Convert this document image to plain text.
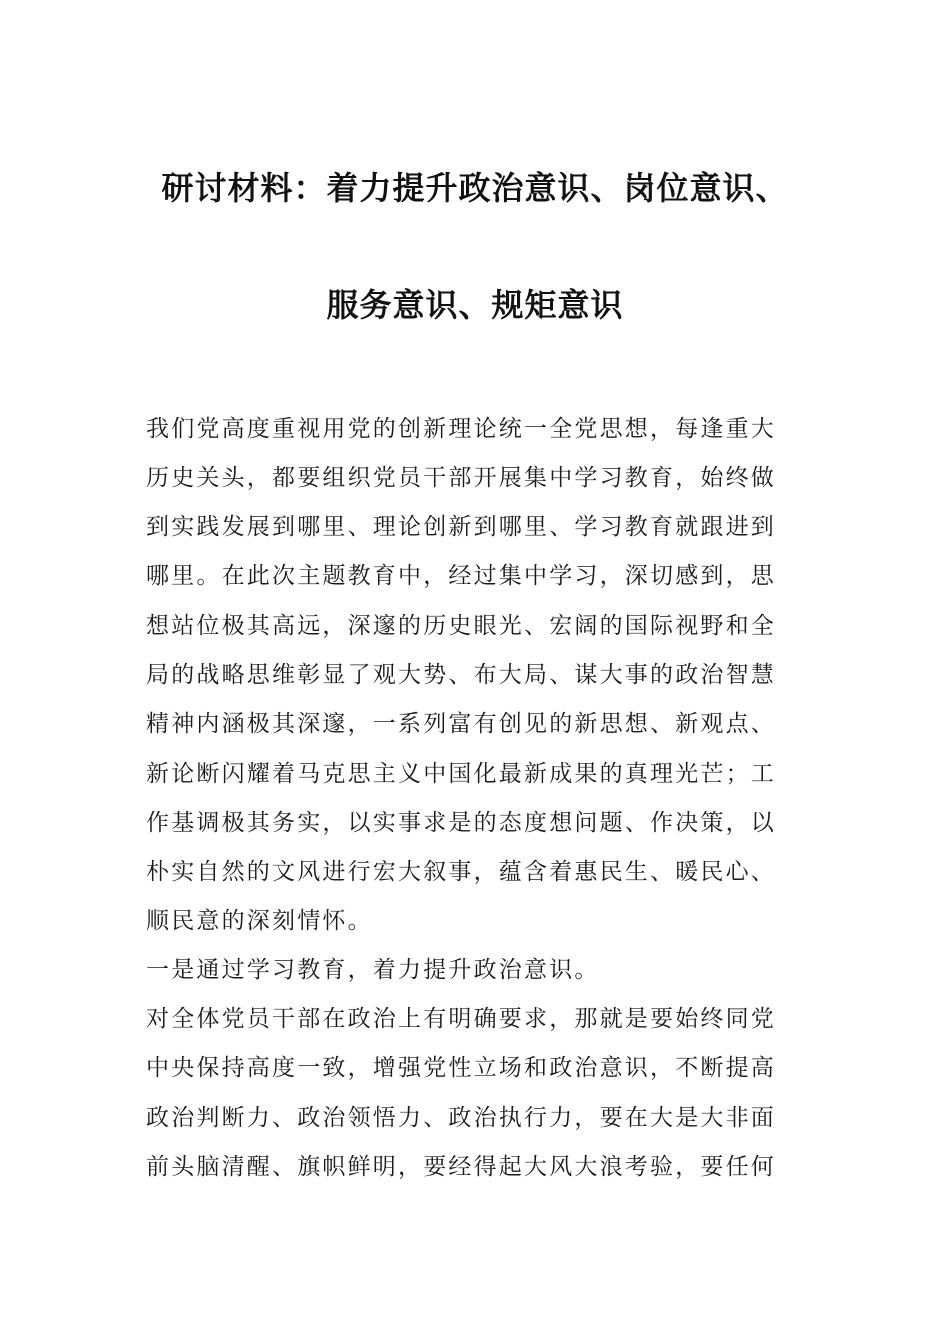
研讨材料：着力提升政治意识、岗位意识、
服务意识、规矩意识
我们党高度重视用党的创新理论统一全党思想，每逢重大
历史关头，都要组织党员干部开展集中学习教育，始终做
到实践发展到哪里、理论创新到哪里、学习教育就跟进到
哪里。在此次主题教育中，经过集中学习，深切感到，思
想站位极其高远，深邃的历史眼光、宏阔的国际视野和全
局的战略思维彰显了观大势、布大局、谋大事的政治智慧
精神内涵极其深邃，一系列富有创见的新思想、新观点、
新论断闪耀着马克思主义中国化最新成果的真理光芒；工
作基调极其务实，以实事求是的态度想问题、作决策，以
朴实自然的文风进行宏大叙事，蕴含着惠民生、暖民心、
顺民意的深刻情怀。
一是通过学习教育，着力提升政治意识。
对全体党员干部在政治上有明确要求，那就是要始终同党
中央保持高度一致，增强党性立场和政治意识，不断提高
政治判断力、政治领悟力、政治执行力，要在大是大非面
前头脑清醒、旗帜鲜明，要经得起大风大浪考验，要任何
